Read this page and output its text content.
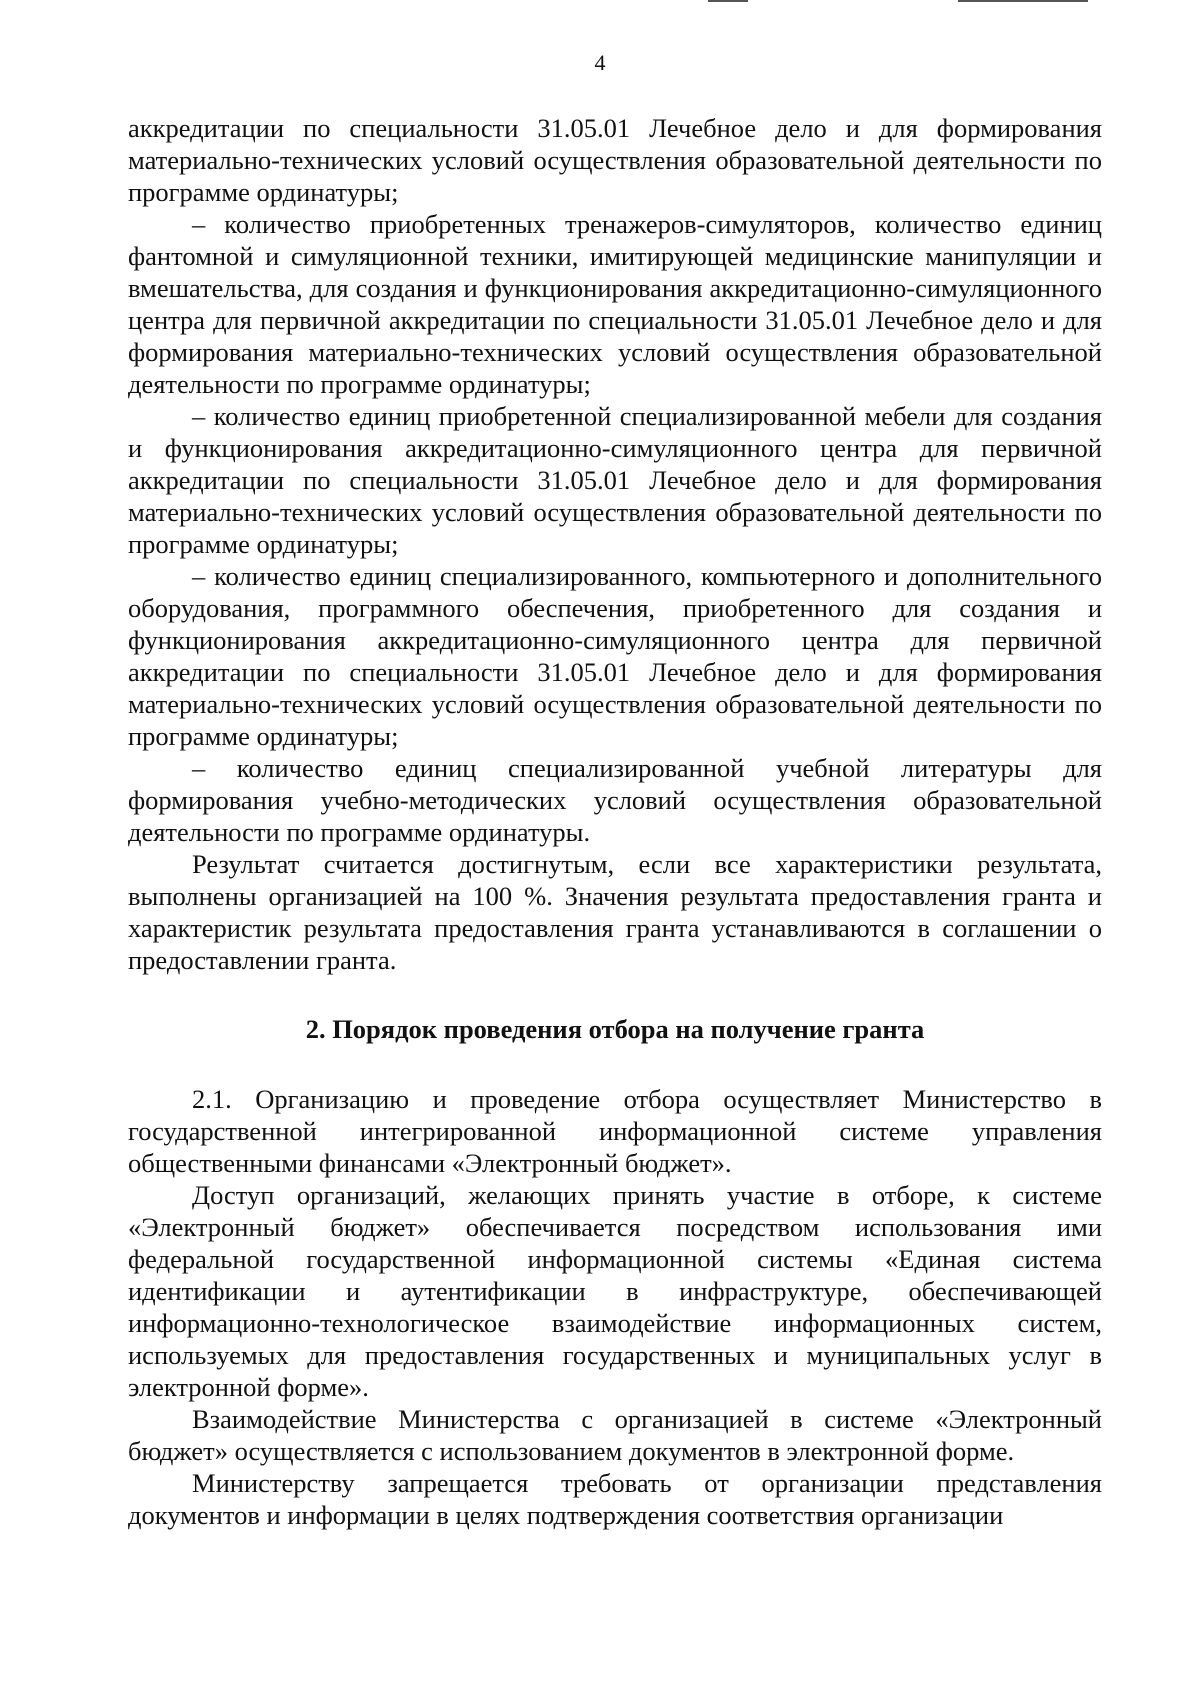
4

аккредитации по специальности 31.05.01 Лечебное дело и для формирования материально-технических условий осуществления образовательной деятельности по программе ординатуры;

– количество приобретенных тренажеров-симуляторов, количество единиц фантомной и симуляционной техники, имитирующей медицинские манипуляции и вмешательства, для создания и функционирования аккредитационно-симуляционного центра для первичной аккредитации по специальности 31.05.01 Лечебное дело и для формирования материально-технических условий осуществления образовательной деятельности по программе ординатуры;

– количество единиц приобретенной специализированной мебели для создания и функционирования аккредитационно-симуляционного центра для первичной аккредитации по специальности 31.05.01 Лечебное дело и для формирования материально-технических условий осуществления образовательной деятельности по программе ординатуры;

– количество единиц специализированного, компьютерного и дополнительного оборудования, программного обеспечения, приобретенного для создания и функционирования аккредитационно-симуляционного центра для первичной аккредитации по специальности 31.05.01 Лечебное дело и для формирования материально-технических условий осуществления образовательной деятельности по программе ординатуры;

– количество единиц специализированной учебной литературы для формирования учебно-методических условий осуществления образовательной деятельности по программе ординатуры.

Результат считается достигнутым, если все характеристики результата, выполнены организацией на 100 %. Значения результата предоставления гранта и характеристик результата предоставления гранта устанавливаются в соглашении о предоставлении гранта.

2. Порядок проведения отбора на получение гранта

2.1. Организацию и проведение отбора осуществляет Министерство в государственной интегрированной информационной системе управления общественными финансами «Электронный бюджет».

Доступ организаций, желающих принять участие в отборе, к системе «Электронный бюджет» обеспечивается посредством использования ими федеральной государственной информационной системы «Единая система идентификации и аутентификации в инфраструктуре, обеспечивающей информационно-технологическое взаимодействие информационных систем, используемых для предоставления государственных и муниципальных услуг в электронной форме».

Взаимодействие Министерства с организацией в системе «Электронный бюджет» осуществляется с использованием документов в электронной форме.

Министерству запрещается требовать от организации представления документов и информации в целях подтверждения соответствия организации
